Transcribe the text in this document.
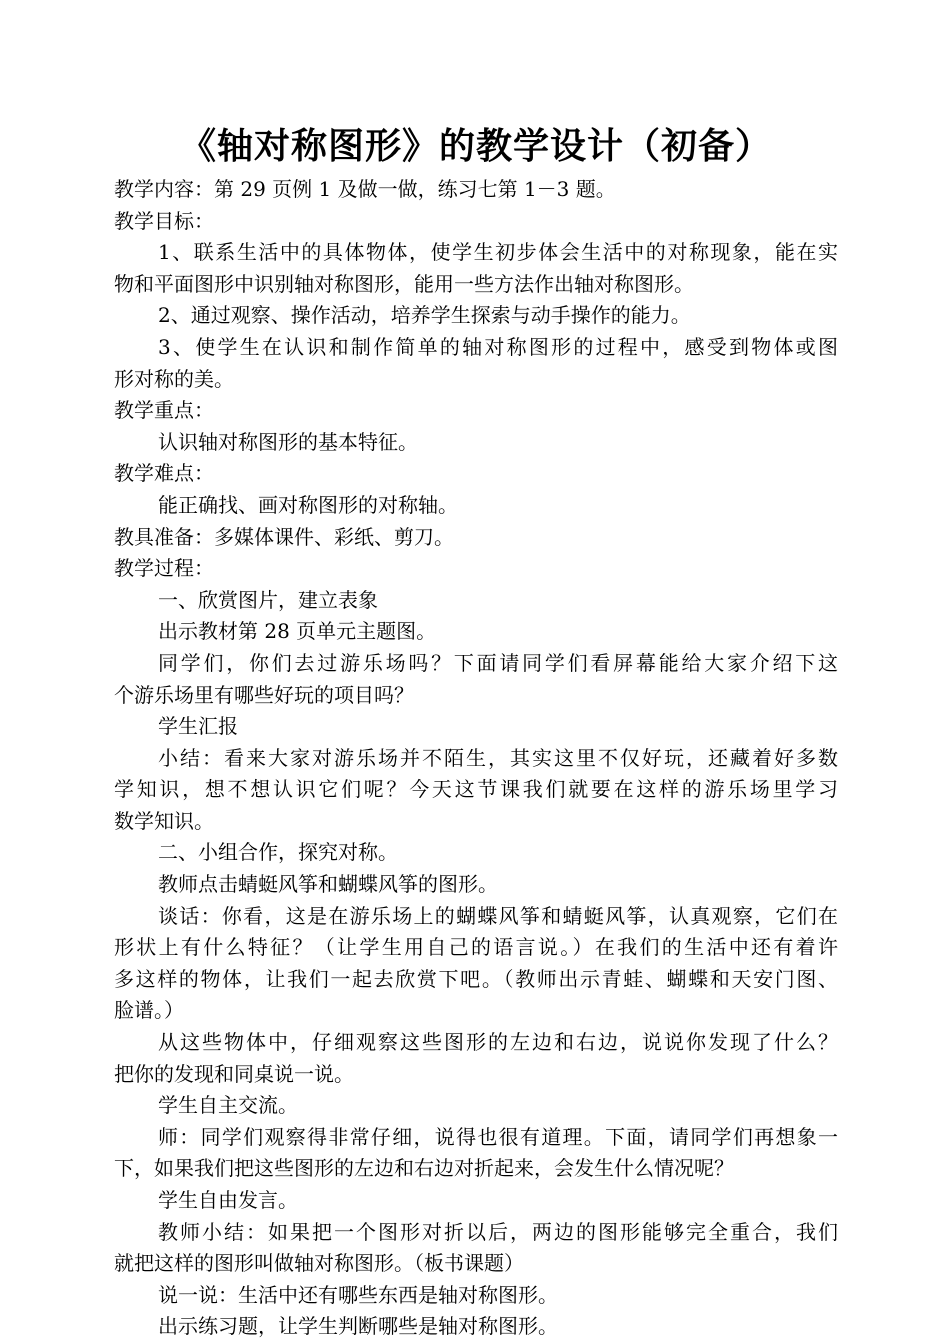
《轴对称图形》的教学设计（初备）

教学内容：第 29 页例 1 及做一做，练习七第 1－3 题。

教学目标：

1、联系生活中的具体物体，使学生初步体会生活中的对称现象，能在实

物和平面图形中识别轴对称图形，能用一些方法作出轴对称图形。

2、通过观察、操作活动，培养学生探索与动手操作的能力。

3、使学生在认识和制作简单的轴对称图形的过程中，感受到物体或图

形对称的美。

教学重点：

认识轴对称图形的基本特征。

教学难点：

能正确找、画对称图形的对称轴。

教具准备：多媒体课件、彩纸、剪刀。

教学过程：

一、欣赏图片，建立表象

出示教材第 28 页单元主题图。

同学们，你们去过游乐场吗？下面请同学们看屏幕能给大家介绍下这

个游乐场里有哪些好玩的项目吗？

学生汇报

小结：看来大家对游乐场并不陌生，其实这里不仅好玩，还藏着好多数

学知识，想不想认识它们呢？今天这节课我们就要在这样的游乐场里学习

数学知识。

二、小组合作，探究对称。

教师点击蜻蜓风筝和蝴蝶风筝的图形。

谈话：你看，这是在游乐场上的蝴蝶风筝和蜻蜓风筝，认真观察，它们在

形状上有什么特征？（让学生用自己的语言说。）在我们的生活中还有着许

多这样的物体，让我们一起去欣赏下吧。（教师出示青蛙、蝴蝶和天安门图、

脸谱。）

从这些物体中，仔细观察这些图形的左边和右边，说说你发现了什么？

把你的发现和同桌说一说。

学生自主交流。

师：同学们观察得非常仔细，说得也很有道理。下面，请同学们再想象一

下，如果我们把这些图形的左边和右边对折起来，会发生什么情况呢？

学生自由发言。

教师小结：如果把一个图形对折以后，两边的图形能够完全重合，我们

就把这样的图形叫做轴对称图形。（板书课题）

说一说：生活中还有哪些东西是轴对称图形。

出示练习题，让学生判断哪些是轴对称图形。
